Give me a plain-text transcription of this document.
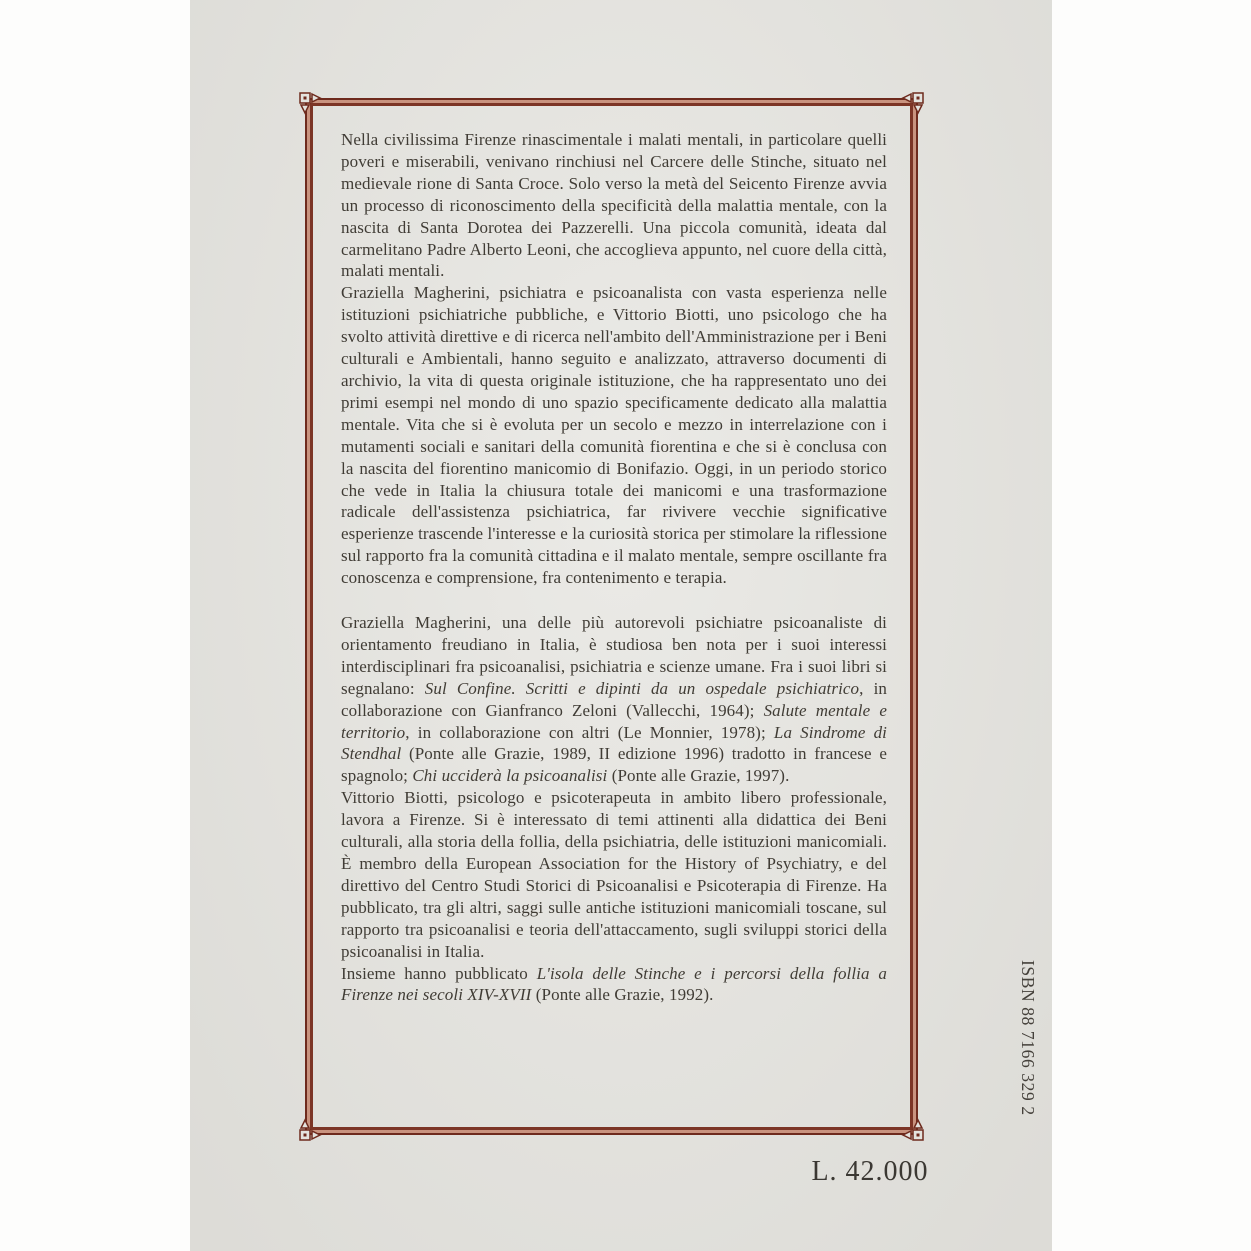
Nella civilissima Firenze rinascimentale i malati mentali, in particolare quelli poveri e miserabili, venivano rinchiusi nel Carcere delle Stinche, situato nel medievale rione di Santa Croce. Solo verso la metà del Seicento Firenze avvia un processo di riconoscimento della specificità della malattia mentale, con la nascita di Santa Dorotea dei Pazzerelli. Una piccola comunità, ideata dal carmelitano Padre Alberto Leoni, che accoglieva appunto, nel cuore della città, malati mentali.

Graziella Magherini, psichiatra e psicoanalista con vasta esperienza nelle istituzioni psichiatriche pubbliche, e Vittorio Biotti, uno psicologo che ha svolto attività direttive e di ricerca nell'ambito dell'Amministrazione per i Beni culturali e Ambientali, hanno seguito e analizzato, attraverso documenti di archivio, la vita di questa originale istituzione, che ha rappresentato uno dei primi esempi nel mondo di uno spazio specificamente dedicato alla malattia mentale. Vita che si è evoluta per un secolo e mezzo in interrelazione con i mutamenti sociali e sanitari della comunità fiorentina e che si è conclusa con la nascita del fiorentino manicomio di Bonifazio. Oggi, in un periodo storico che vede in Italia la chiusura totale dei manicomi e una trasformazione radicale dell'assistenza psichiatrica, far rivivere vecchie significative esperienze trascende l'interesse e la curiosità storica per stimolare la riflessione sul rapporto fra la comunità cittadina e il malato mentale, sempre oscillante fra conoscenza e comprensione, fra contenimento e terapia.

Graziella Magherini, una delle più autorevoli psichiatre psicoanaliste di orientamento freudiano in Italia, è studiosa ben nota per i suoi interessi interdisciplinari fra psicoanalisi, psichiatria e scienze umane. Fra i suoi libri si segnalano: Sul Confine. Scritti e dipinti da un ospedale psichiatrico, in collaborazione con Gianfranco Zeloni (Vallecchi, 1964); Salute mentale e territorio, in collaborazione con altri (Le Monnier, 1978); La Sindrome di Stendhal (Ponte alle Grazie, 1989, II edizione 1996) tradotto in francese e spagnolo; Chi ucciderà la psicoanalisi (Ponte alle Grazie, 1997).

Vittorio Biotti, psicologo e psicoterapeuta in ambito libero professionale, lavora a Firenze. Si è interessato di temi attinenti alla didattica dei Beni culturali, alla storia della follia, della psichiatria, delle istituzioni manicomiali. È membro della European Association for the History of Psychiatry, e del direttivo del Centro Studi Storici di Psicoanalisi e Psicoterapia di Firenze. Ha pubblicato, tra gli altri, saggi sulle antiche istituzioni manicomiali toscane, sul rapporto tra psicoanalisi e teoria dell'attaccamento, sugli sviluppi storici della psicoanalisi in Italia.

Insieme hanno pubblicato L'isola delle Stinche e i percorsi della follia a Firenze nei secoli XIV-XVII (Ponte alle Grazie, 1992).	ISBN 88 7166 329 2
L. 42.000
